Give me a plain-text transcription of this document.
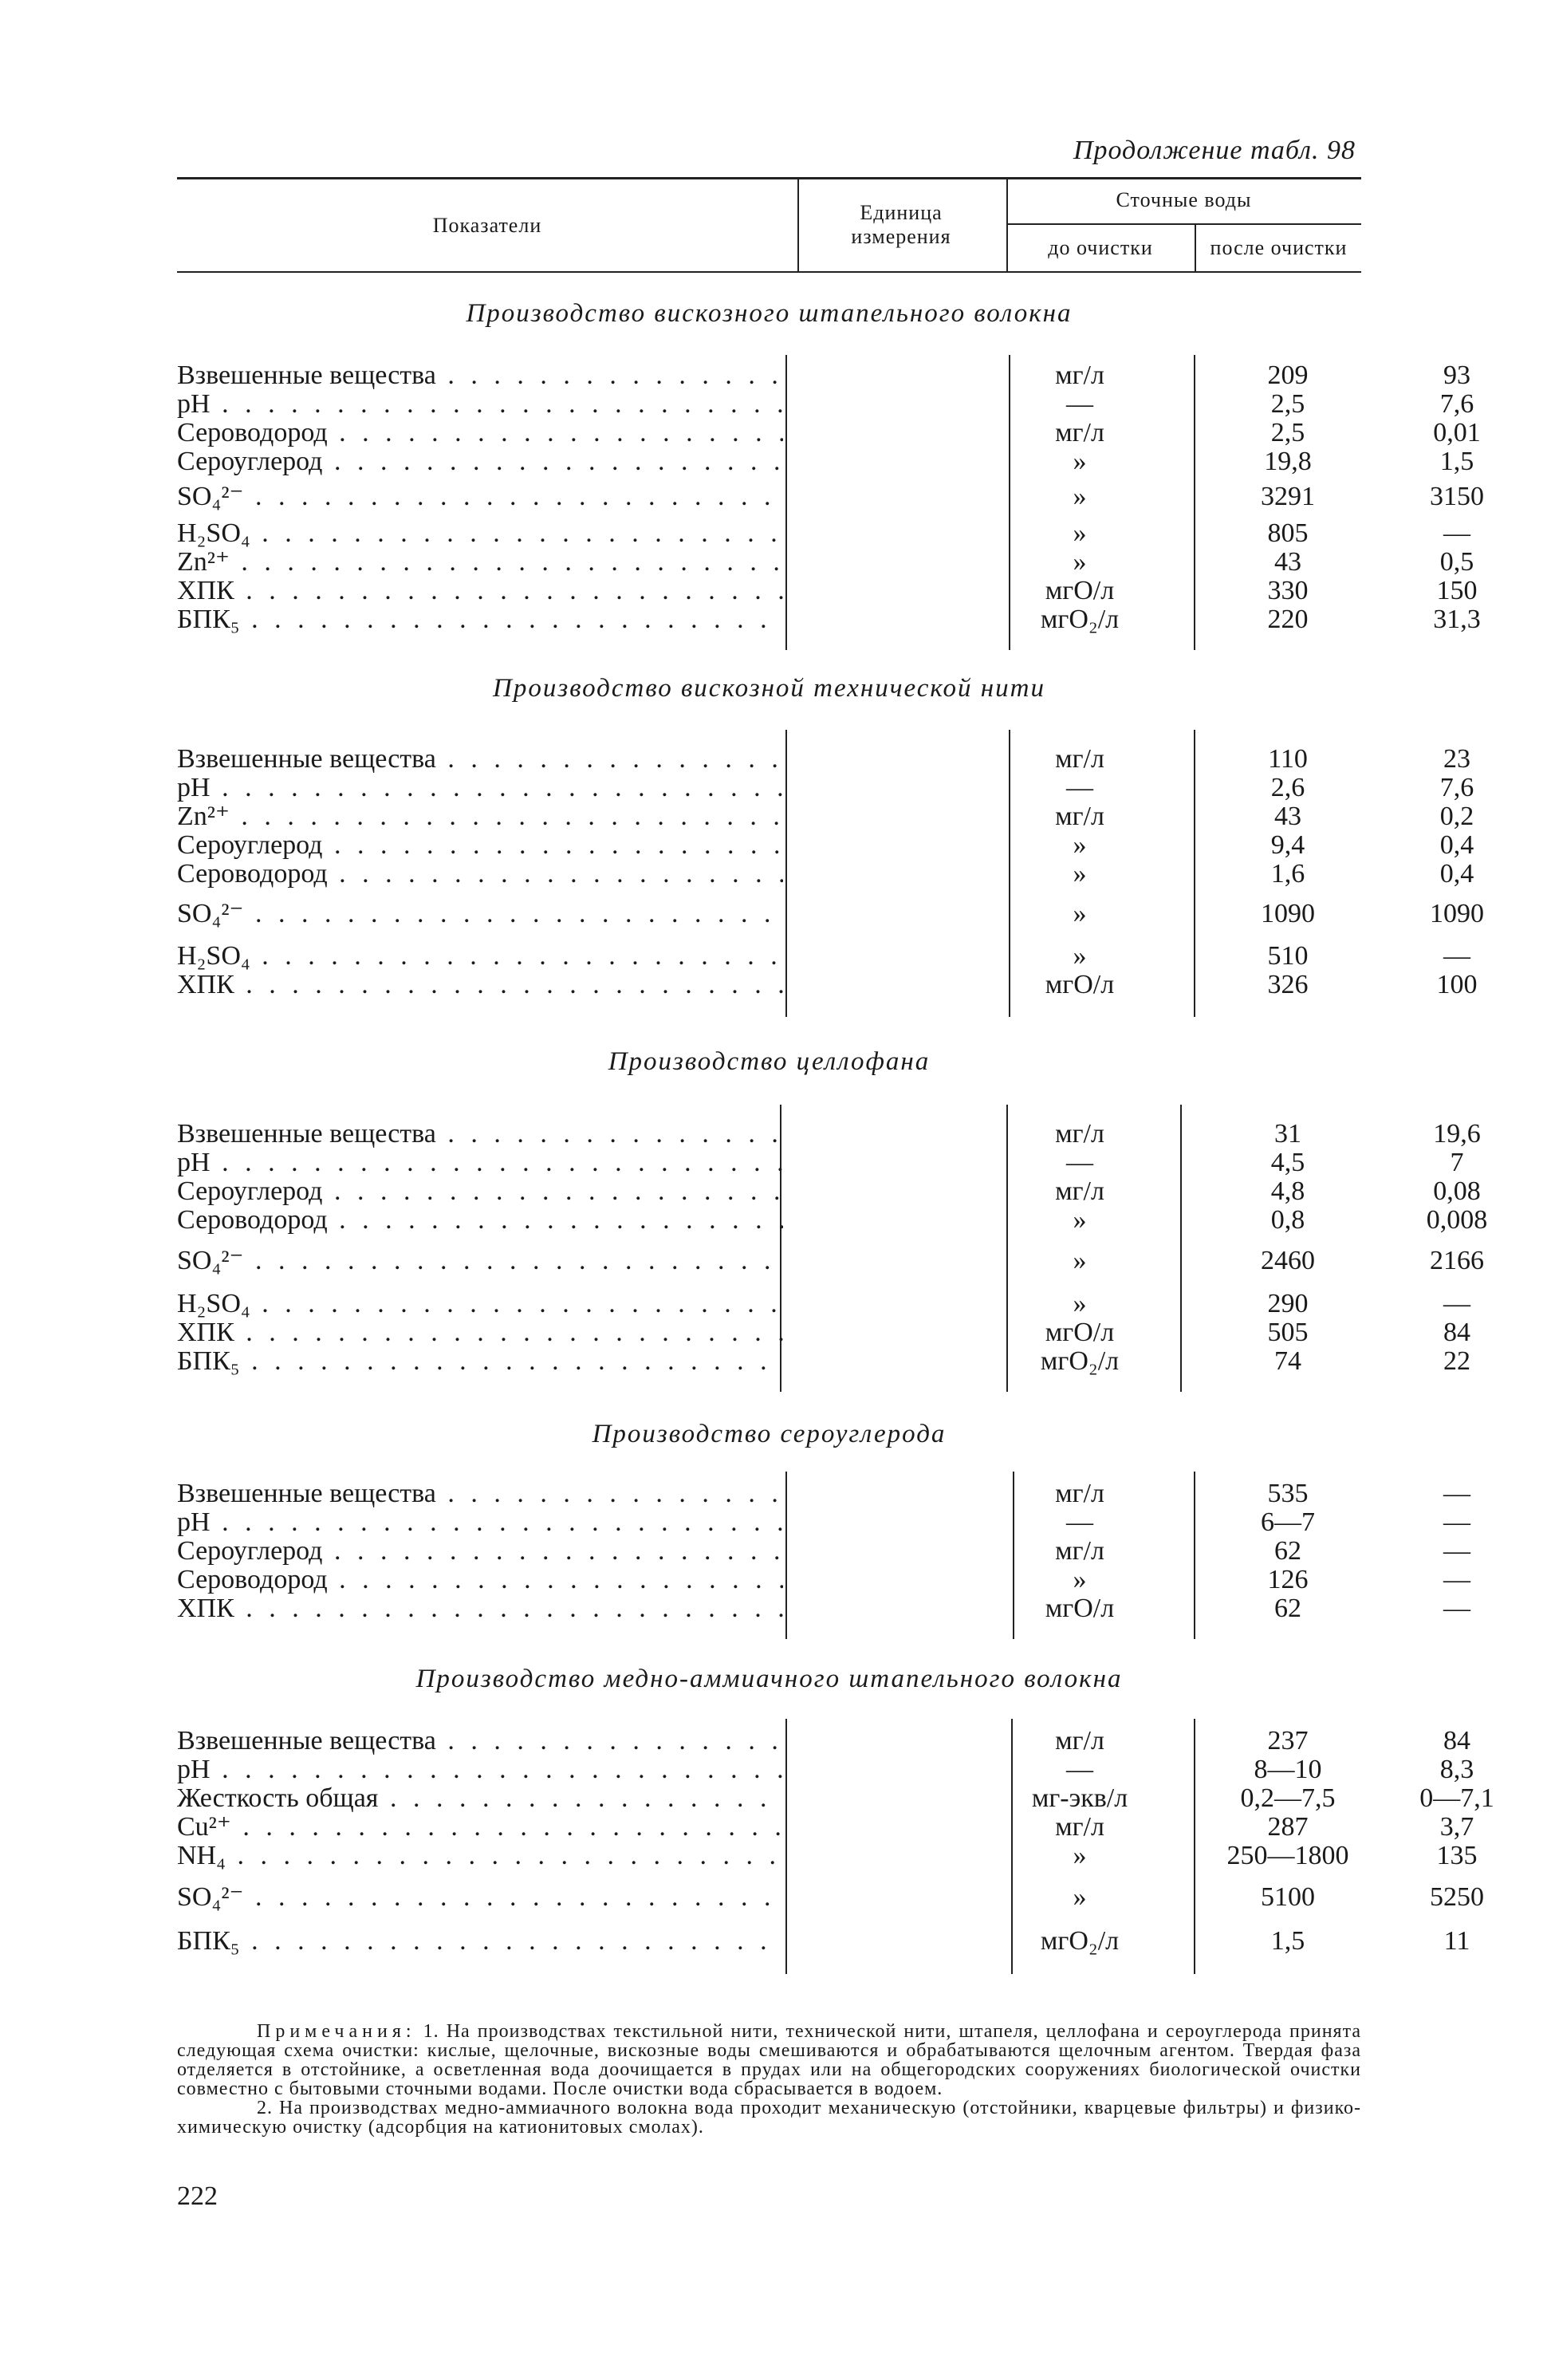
Продолжение табл. 98
Показатели
Единица измерения
Сточные воды
до очистки	после очистки
Производство вискозного штапельного волокна
Взвешенные вещества . . .	мг/л	209	93
pH . . .	—	2,5	7,6
Сероводород . . .	мг/л	2,5	0,01
Сероуглерод . . .	»	19,8	1,5
SO₄²⁻ . . .	»	3291	3150
H₂SO₄ . . .	»	805	—
Zn²⁺ . . .	»	43	0,5
ХПК . . .	мгO/л	330	150
БПК₅ . . .	мгO₂/л	220	31,3
Производство вискозной технической нити
Взвешенные вещества . . .	мг/л	110	23
pH . . .	—	2,6	7,6
Zn²⁺ . . .	мг/л	43	0,2
Сероуглерод . . .	»	9,4	0,4
Сероводород . . .	»	1,6	0,4
SO₄²⁻ . . .	»	1090	1090
H₂SO₄ . . .	»	510	—
ХПК . . .	мгO/л	326	100
Производство целлофана
Взвешенные вещества . . .	мг/л	31	19,6
pH . . .	—	4,5	7
Сероуглерод . . .	мг/л	4,8	0,08
Сероводород . . .	»	0,8	0,008
SO₄²⁻ . . .	»	2460	2166
H₂SO₄ . . .	»	290	—
ХПК . . .	мгO/л	505	84
БПК₅ . . .	мгO₂/л	74	22
Производство сероуглерода
Взвешенные вещества . . .	мг/л	535	—
pH . . .	—	6—7	—
Сероуглерод . . .	мг/л	62	—
Сероводород . . .	»	126	—
ХПК . . .	мгO/л	62	—
Производство медно-аммиачного штапельного волокна
Взвешенные вещества . . .	мг/л	237	84
pH . . .	—	8—10	8,3
Жесткость общая . . .	мг-экв/л	0,2—7,5	0—7,1
Cu²⁺ . . .	мг/л	287	3,7
NH₄ . . .	»	250—1800	135
SO₄²⁻ . . .	»	5100	5250
БПК₅ . . .	мгO₂/л	1,5	11

Примечания: 1. На производствах текстильной нити, технической нити, штапеля, целлофана и сероуглерода принята следующая схема очистки: кислые, щелочные, вискозные воды смешиваются и обрабатываются щелочным агентом. Твердая фаза отделяется в отстойнике, а осветленная вода доочищается в прудах или на общегородских сооружениях биологической очистки совместно с бытовыми сточными водами. После очистки вода сбрасывается в водоем.

2. На производствах медно-аммиачного волокна вода проходит механическую (отстойники, кварцевые фильтры) и физико-химическую очистку (адсорбция на катионитовых смолах).

222
